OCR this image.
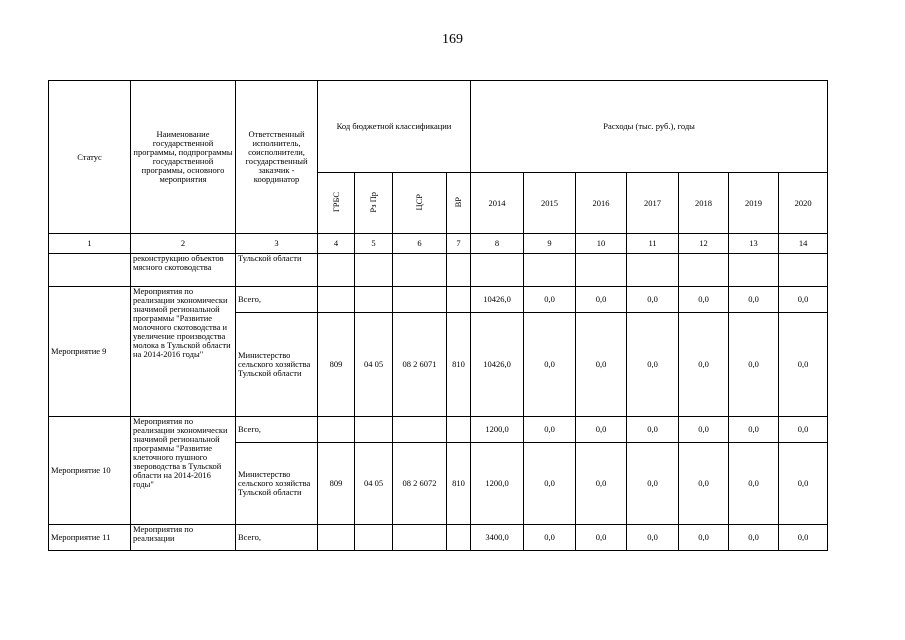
169
Статус	Наименование государственной программы, подпрограммы государственной программы, основного мероприятия	Ответственный исполнитель, соисполнители, государственный заказчик - координатор	Код бюджетной классификации				Расходы (тыс. руб.), годы						
			ГРБС	Рз Пр	ЦСР	ВР	2014	2015	2016	2017	2018	2019	2020
1	2	3	4	5	6	7	8	9	10	11	12	13	14
	реконструкцию объектов мясного скотоводства	Тульской области											
Мероприятие 9	Мероприятия по реализации экономически значимой региональной программы "Развитие молочного скотоводства и увеличение производства молока в Тульской области на 2014-2016 годы"	Всего,					10426,0	0,0	0,0	0,0	0,0	0,0	0,0
		Министерство сельского хозяйства Тульской области	809	04 05	08 2 6071	810	10426,0	0,0	0,0	0,0	0,0	0,0	0,0
Мероприятие 10	Мероприятия по реализации экономически значимой региональной программы "Развитие клеточного пушного звероводства в Тульской области на 2014-2016 годы"	Всего,					1200,0	0,0	0,0	0,0	0,0	0,0	0,0
		Министерство сельского хозяйства Тульской области	809	04 05	08 2 6072	810	1200,0	0,0	0,0	0,0	0,0	0,0	0,0
Мероприятие 11	Мероприятия по реализации	Всего,					3400,0	0,0	0,0	0,0	0,0	0,0	0,0
